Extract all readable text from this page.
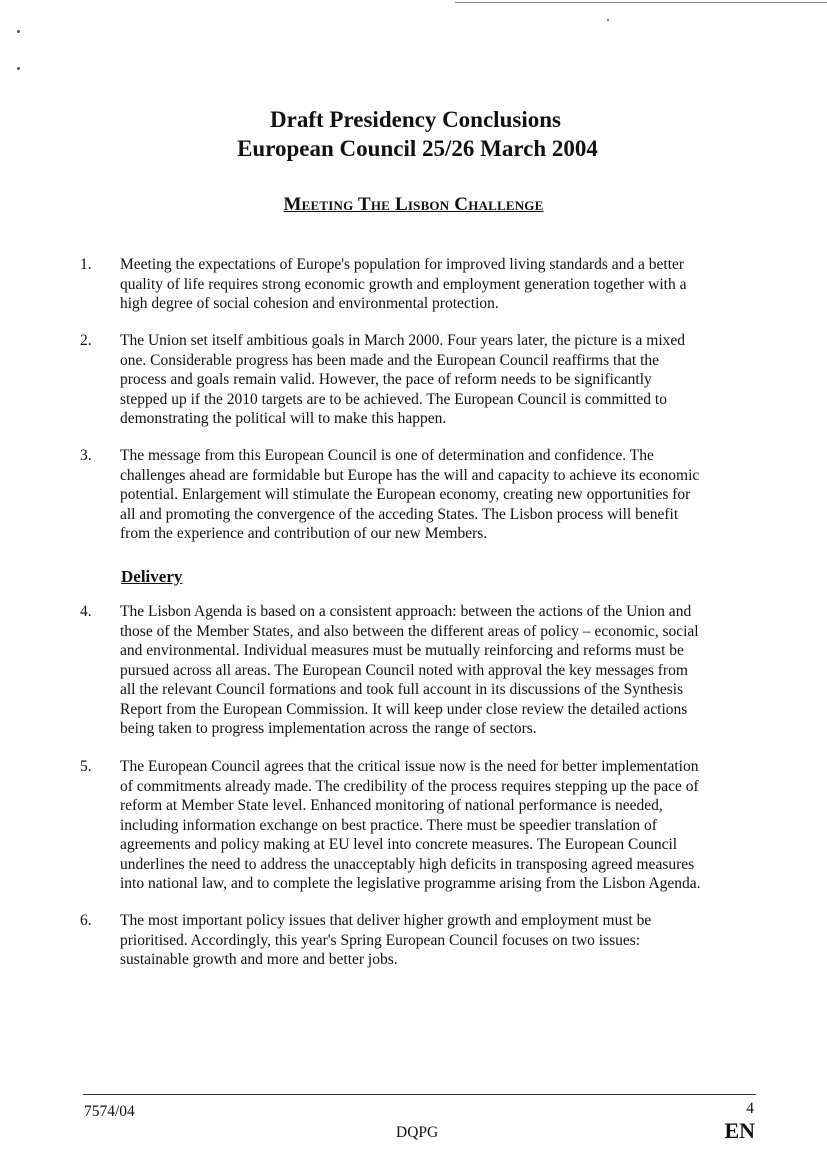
Draft Presidency Conclusions
European Council 25/26 March 2004
Meeting The Lisbon Challenge
1. Meeting the expectations of Europe's population for improved living standards and a better
quality of life requires strong economic growth and employment generation together with a
high degree of social cohesion and environmental protection.
2. The Union set itself ambitious goals in March 2000. Four years later, the picture is a mixed
one. Considerable progress has been made and the European Council reaffirms that the
process and goals remain valid. However, the pace of reform needs to be significantly
stepped up if the 2010 targets are to be achieved. The European Council is committed to
demonstrating the political will to make this happen.
3. The message from this European Council is one of determination and confidence. The
challenges ahead are formidable but Europe has the will and capacity to achieve its economic
potential. Enlargement will stimulate the European economy, creating new opportunities for
all and promoting the convergence of the acceding States. The Lisbon process will benefit
from the experience and contribution of our new Members.
Delivery
4. The Lisbon Agenda is based on a consistent approach: between the actions of the Union and
those of the Member States, and also between the different areas of policy – economic, social
and environmental. Individual measures must be mutually reinforcing and reforms must be
pursued across all areas. The European Council noted with approval the key messages from
all the relevant Council formations and took full account in its discussions of the Synthesis
Report from the European Commission. It will keep under close review the detailed actions
being taken to progress implementation across the range of sectors.
5. The European Council agrees that the critical issue now is the need for better implementation
of commitments already made. The credibility of the process requires stepping up the pace of
reform at Member State level. Enhanced monitoring of national performance is needed,
including information exchange on best practice. There must be speedier translation of
agreements and policy making at EU level into concrete measures. The European Council
underlines the need to address the unacceptably high deficits in transposing agreed measures
into national law, and to complete the legislative programme arising from the Lisbon Agenda.
6. The most important policy issues that deliver higher growth and employment must be
prioritised. Accordingly, this year's Spring European Council focuses on two issues:
sustainable growth and more and better jobs.
7574/04	4
DQPG	EN
